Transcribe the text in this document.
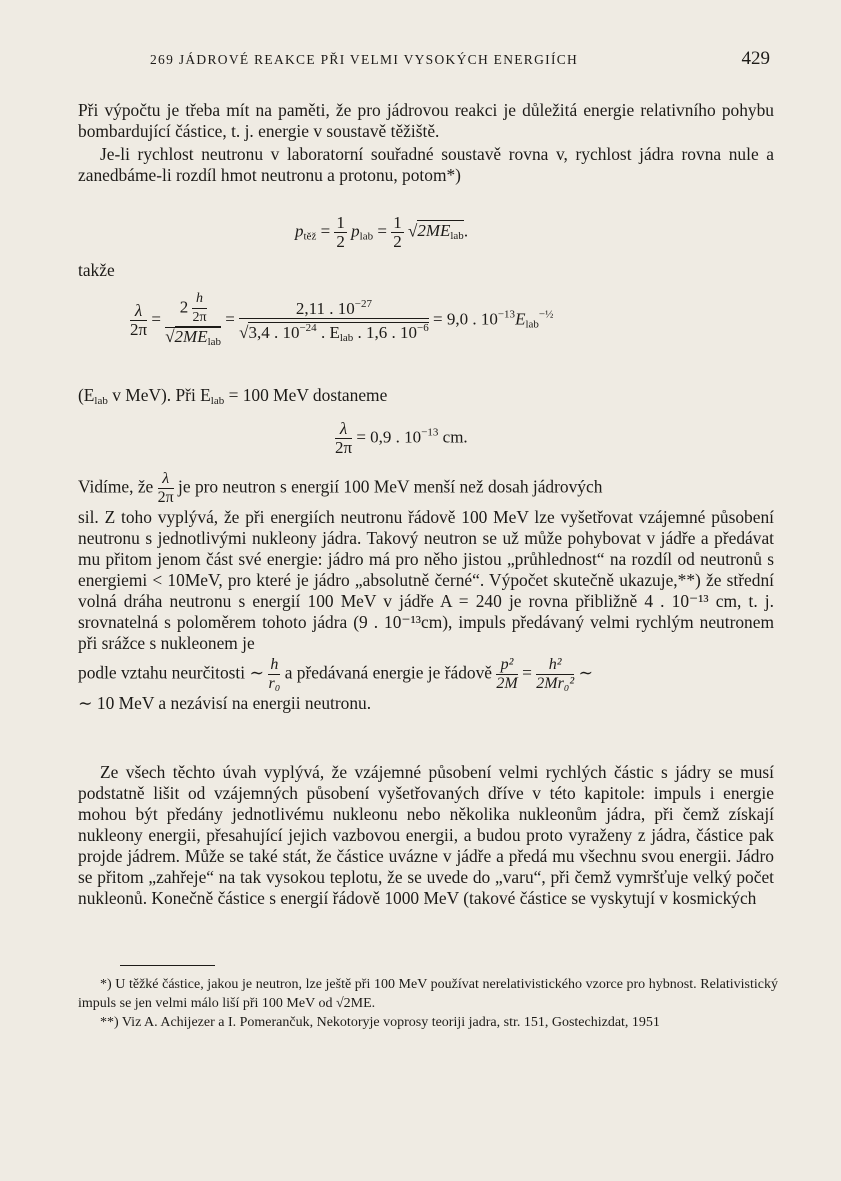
269 JÁDROVÉ REAKCE PŘI VELMI VYSOKÝCH ENERGIÍCH	429

Při výpočtu je třeba mít na paměti, že pro jádrovou reakci je důležitá energie relativního pohybu bombardující částice, t. j. energie v soustavě těžiště.

Je-li rychlost neutronu v laboratorní souřadné soustavě rovna v, rychlost jádra rovna nule a zanedbáme-li rozdíl hmot neutronu a protonu, potom*)

$p_{těž} = \frac{1}{2} p_{lab} = \frac{1}{2} √2ME_{lab}$.

takže

$\frac{\lambda}{2\pi} = \frac{2 \frac{h}{2\pi}}{√2ME_{lab}} = \frac{2,11 . 10^{-27}}{√3,4 . 10^{-24} . E_{lab} . 1,6 . 10^{-6}} = 9,0$ . $10^{-13}E_{lab}^{-\frac{1}{2}}$

($E_{lab}$ v MeV). Při $E_{lab} = 100$ MeV dostaneme

$\frac{\lambda}{2\pi} = 0,9$ . $10^{-13}$ cm.

Vidíme, že $\frac{\lambda}{2\pi}$ je pro neutron s energií 100 MeV menší než dosah jádrových

sil. Z toho vyplývá, že při energiích neutronu řádově 100 MeV lze vyšetřovat vzájemné působení neutronu s jednotlivými nukleony jádra. Takový neutron se už může pohybovat v jádře a předávat mu přitom jenom část své energie: jádro má pro něho jistou „průhlednost“ na rozdíl od neutronů s energiemi < 10MeV, pro které je jádro „absolutně černé“. Výpočet skutečně ukazuje,**) že střední volná dráha neutronu s energií 100 MeV v jádře A = 240 je rovna přibližně 4 . 10⁻¹³ cm, t. j. srovnatelná s poloměrem tohoto jádra (9 . 10⁻¹³cm), impuls předávaný velmi rychlým neutronem při srážce s nukleonem je

podle vztahu neurčitosti ∼ $\frac{h}{\text{r₀}}$ a předávaná energie je řádově $\frac{\text{p²}}{2M} = \frac{\text{h²}}{\text{2Mr₀²}}$ ∼

∼ 10 MeV a nezávisí na energii neutronu.

Ze všech těchto úvah vyplývá, že vzájemné působení velmi rychlých částic s jádry se musí podstatně lišit od vzájemných působení vyšetřovaných dříve v této kapitole: impuls i energie mohou být předány jednotlivému nukleonu nebo několika nukleonům jádra, při čemž získají nukleony energii, přesahující jejich vazbovou energii, a budou proto vyraženy z jádra, částice pak projde jádrem. Může se také stát, že částice uvázne v jádře a předá mu všechnu svou energii. Jádro se přitom „zahřeje“ na tak vysokou teplotu, že se uvede do „varu“, při čemž vymršťuje velký počet nukleonů. Konečně částice s energií řádově 1000 MeV (takové částice se vyskytují v kosmických

*) U těžké částice, jakou je neutron, lze ještě při 100 MeV používat nerelativistického vzorce pro hybnost. Relativistický impuls se jen velmi málo liší při 100 MeV od √2ME.

**) Viz A. Achijezer a I. Pomerančuk, Nekotoryje voprosy teoriji jadra, str. 151, Gostechizdat, 1951
